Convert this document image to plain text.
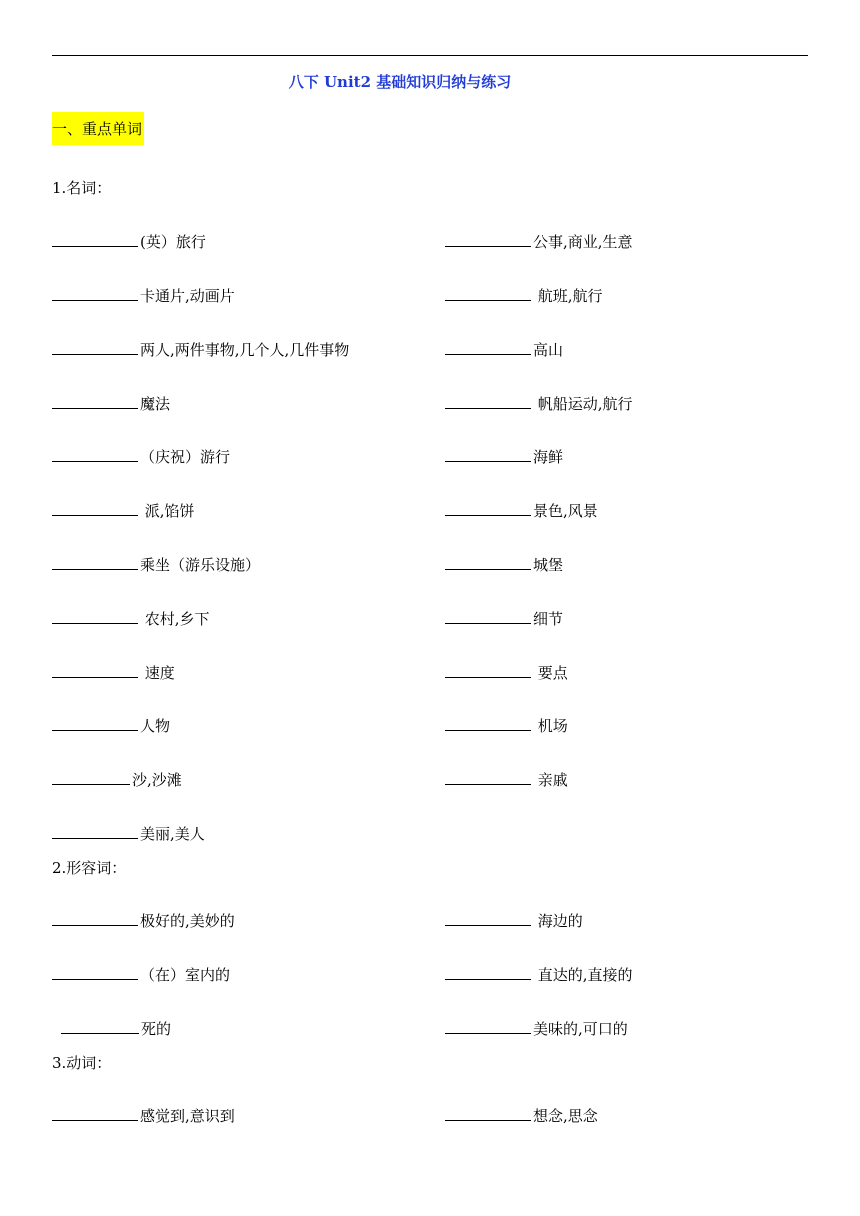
八下 Unit2 基础知识归纳与练习
一、重点单词
1.名词：
(英）旅行	公事,商业,生意
卡通片,动画片	航班,航行
两人,两件事物,几个人,几件事物	高山
魔法	帆船运动,航行
（庆祝）游行	海鲜
派,馅饼	景色,风景
乘坐（游乐设施）	城堡
农村,乡下	细节
速度	要点
人物	机场
沙,沙滩	亲戚
美丽,美人
2.形容词：
极好的,美妙的	海边的
（在）室内的	直达的,直接的
死的	美味的,可口的
3.动词：
感觉到,意识到	想念,思念
